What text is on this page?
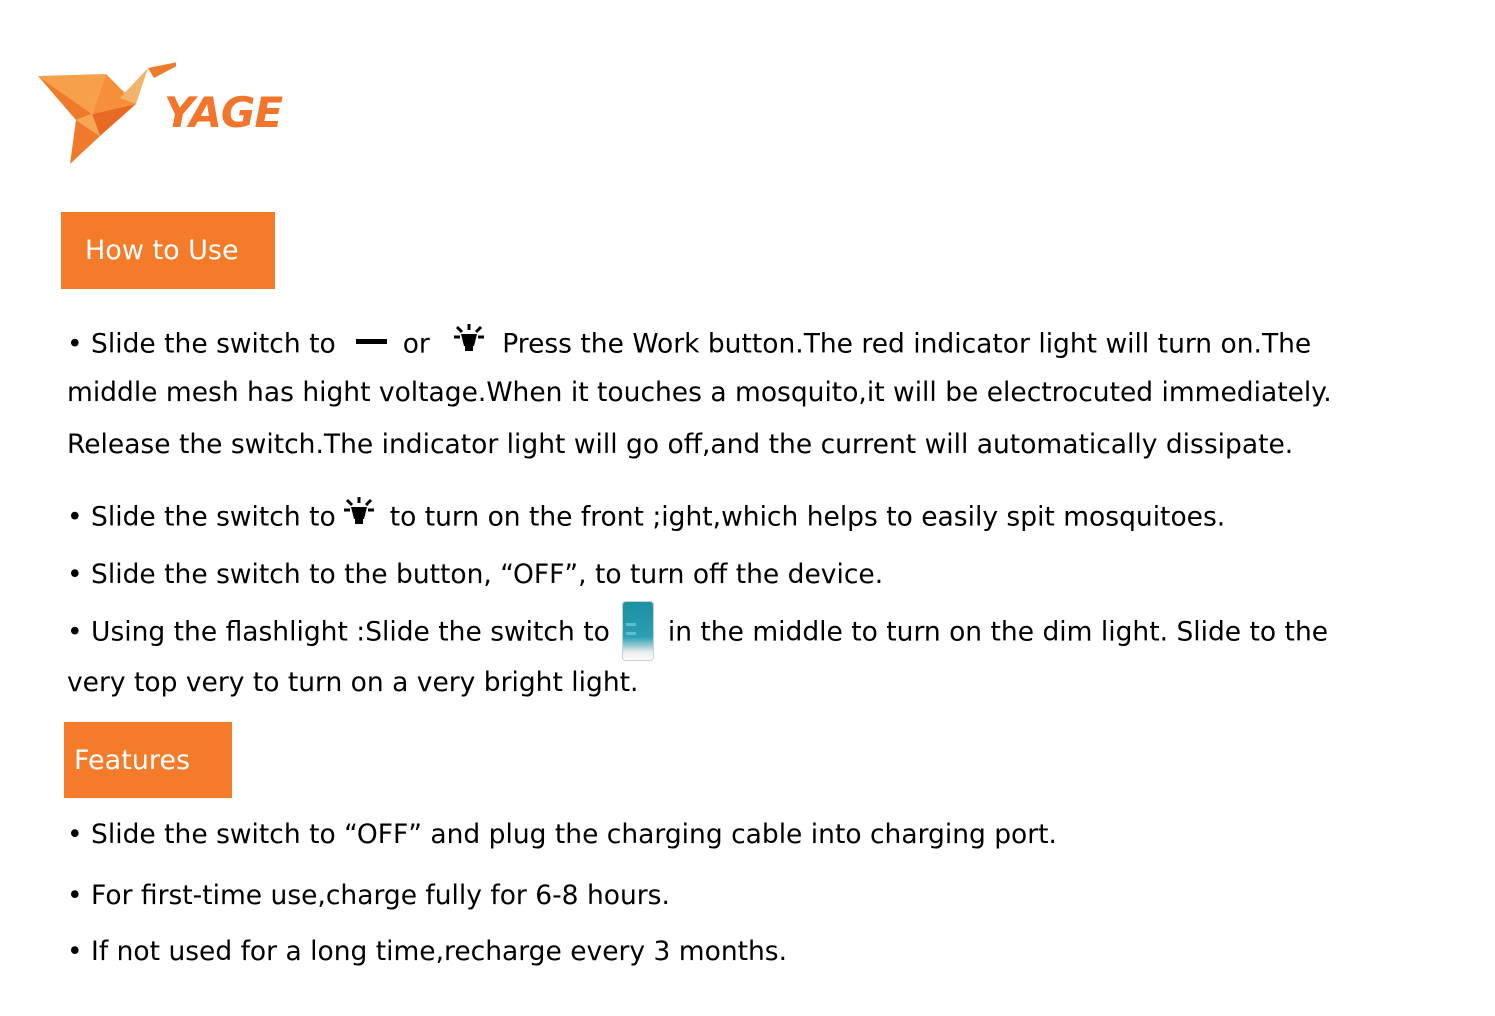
YAGE
How to Use
• Slide the switch to	or	Press the Work button.The red indicator light will turn on.The
middle mesh has hight voltage.When it touches a mosquito,it will be electrocuted immediately.
Release the switch.The indicator light will go off,and the current will automatically dissipate.
• Slide the switch to to turn on the front ;ight,which helps to easily spit mosquitoes.
• Slide the switch to the button, “OFF”, to turn off the device.
• Using the flashlight :Slide the switch to in the middle to turn on the dim light. Slide to the
very top very to turn on a very bright light.
Features
• Slide the switch to “OFF” and plug the charging cable into charging port.
• For first-time use,charge fully for 6-8 hours.
• If not used for a long time,recharge every 3 months.
